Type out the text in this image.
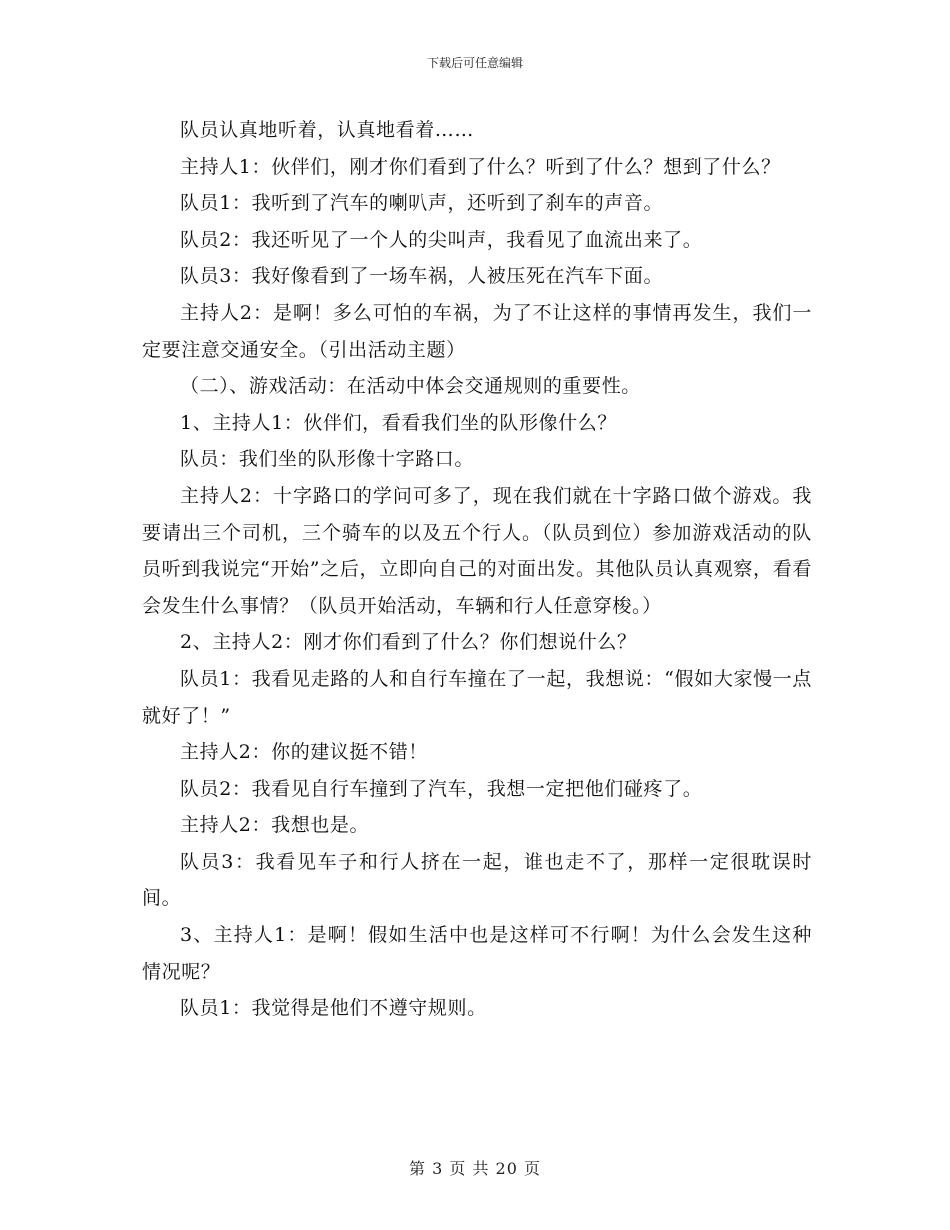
下载后可任意编辑

队员认真地听着，认真地看着……

主持人1：伙伴们，刚才你们看到了什么？听到了什么？想到了什么？

队员1：我听到了汽车的喇叭声，还听到了刹车的声音。

队员2：我还听见了一个人的尖叫声，我看见了血流出来了。

队员3：我好像看到了一场车祸，人被压死在汽车下面。

主持人2：是啊！多么可怕的车祸，为了不让这样的事情再发生，我们一定要注意交通安全。（引出活动主题）

（二）、游戏活动：在活动中体会交通规则的重要性。

1、主持人1：伙伴们，看看我们坐的队形像什么？

队员：我们坐的队形像十字路口。

主持人2：十字路口的学问可多了，现在我们就在十字路口做个游戏。我要请出三个司机，三个骑车的以及五个行人。（队员到位）参加游戏活动的队员听到我说完“开始”之后，立即向自己的对面出发。其他队员认真观察，看看会发生什么事情？（队员开始活动，车辆和行人任意穿梭。）

2、主持人2：刚才你们看到了什么？你们想说什么？

队员1：我看见走路的人和自行车撞在了一起，我想说：“假如大家慢一点就好了！”

主持人2：你的建议挺不错！

队员2：我看见自行车撞到了汽车，我想一定把他们碰疼了。

主持人2：我想也是。

队员3：我看见车子和行人挤在一起，谁也走不了，那样一定很耽误时间。

3、主持人1：是啊！假如生活中也是这样可不行啊！为什么会发生这种情况呢？

队员1：我觉得是他们不遵守规则。

第 3 页 共 20 页
